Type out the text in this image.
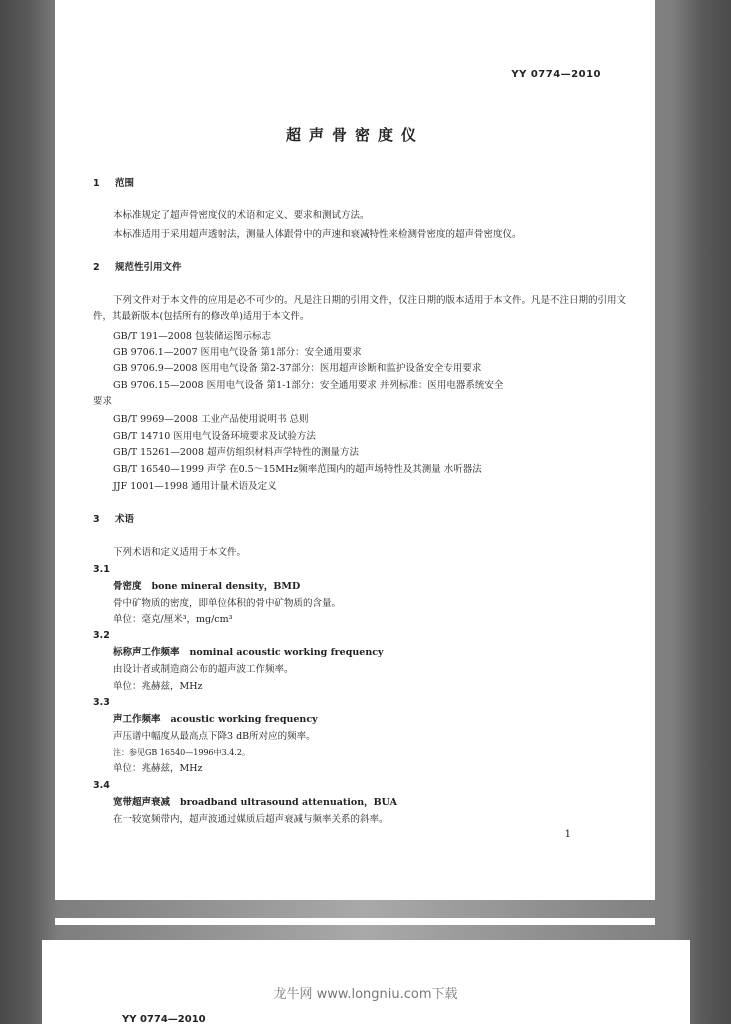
YY 0774—2010
超声骨密度仪
1 范围
本标准规定了超声骨密度仪的术语和定义、要求和测试方法。
本标准适用于采用超声透射法，测量人体跟骨中的声速和衰减特性来检测骨密度的超声骨密度仪。
2 规范性引用文件
下列文件对于本文件的应用是必不可少的。凡是注日期的引用文件，仅注日期的版本适用于本文件。凡是不注日期的引用文件，其最新版本(包括所有的修改单)适用于本文件。
GB/T 191—2008 包装储运图示标志
GB 9706.1—2007 医用电气设备 第1部分：安全通用要求
GB 9706.9—2008 医用电气设备 第2-37部分：医用超声诊断和监护设备安全专用要求
GB 9706.15—2008 医用电气设备 第1-1部分：安全通用要求 并列标准：医用电器系统安全
要求
GB/T 9969—2008 工业产品使用说明书 总则
GB/T 14710 医用电气设备环境要求及试验方法
GB/T 15261—2008 超声仿组织材料声学特性的测量方法
GB/T 16540—1999 声学 在0.5～15MHz频率范围内的超声场特性及其测量 水听器法
JJF 1001—1998 通用计量术语及定义
3 术语
下列术语和定义适用于本文件。
3.1
骨密度 bone mineral density，BMD
骨中矿物质的密度，即单位体积的骨中矿物质的含量。
单位：毫克/厘米³，mg/cm³
3.2
标称声工作频率 nominal acoustic working frequency
由设计者或制造商公布的超声波工作频率。
单位：兆赫兹，MHz
3.3
声工作频率 acoustic working frequency
声压谱中幅度从最高点下降3 dB所对应的频率。
注：参见GB 16540—1996中3.4.2。
单位：兆赫兹，MHz
3.4
宽带超声衰减 broadband ultrasound attenuation，BUA
在一较宽频带内，超声波通过媒质后超声衰减与频率关系的斜率。
1
YY 0774—2010
龙牛网 www.longniu.com下载
